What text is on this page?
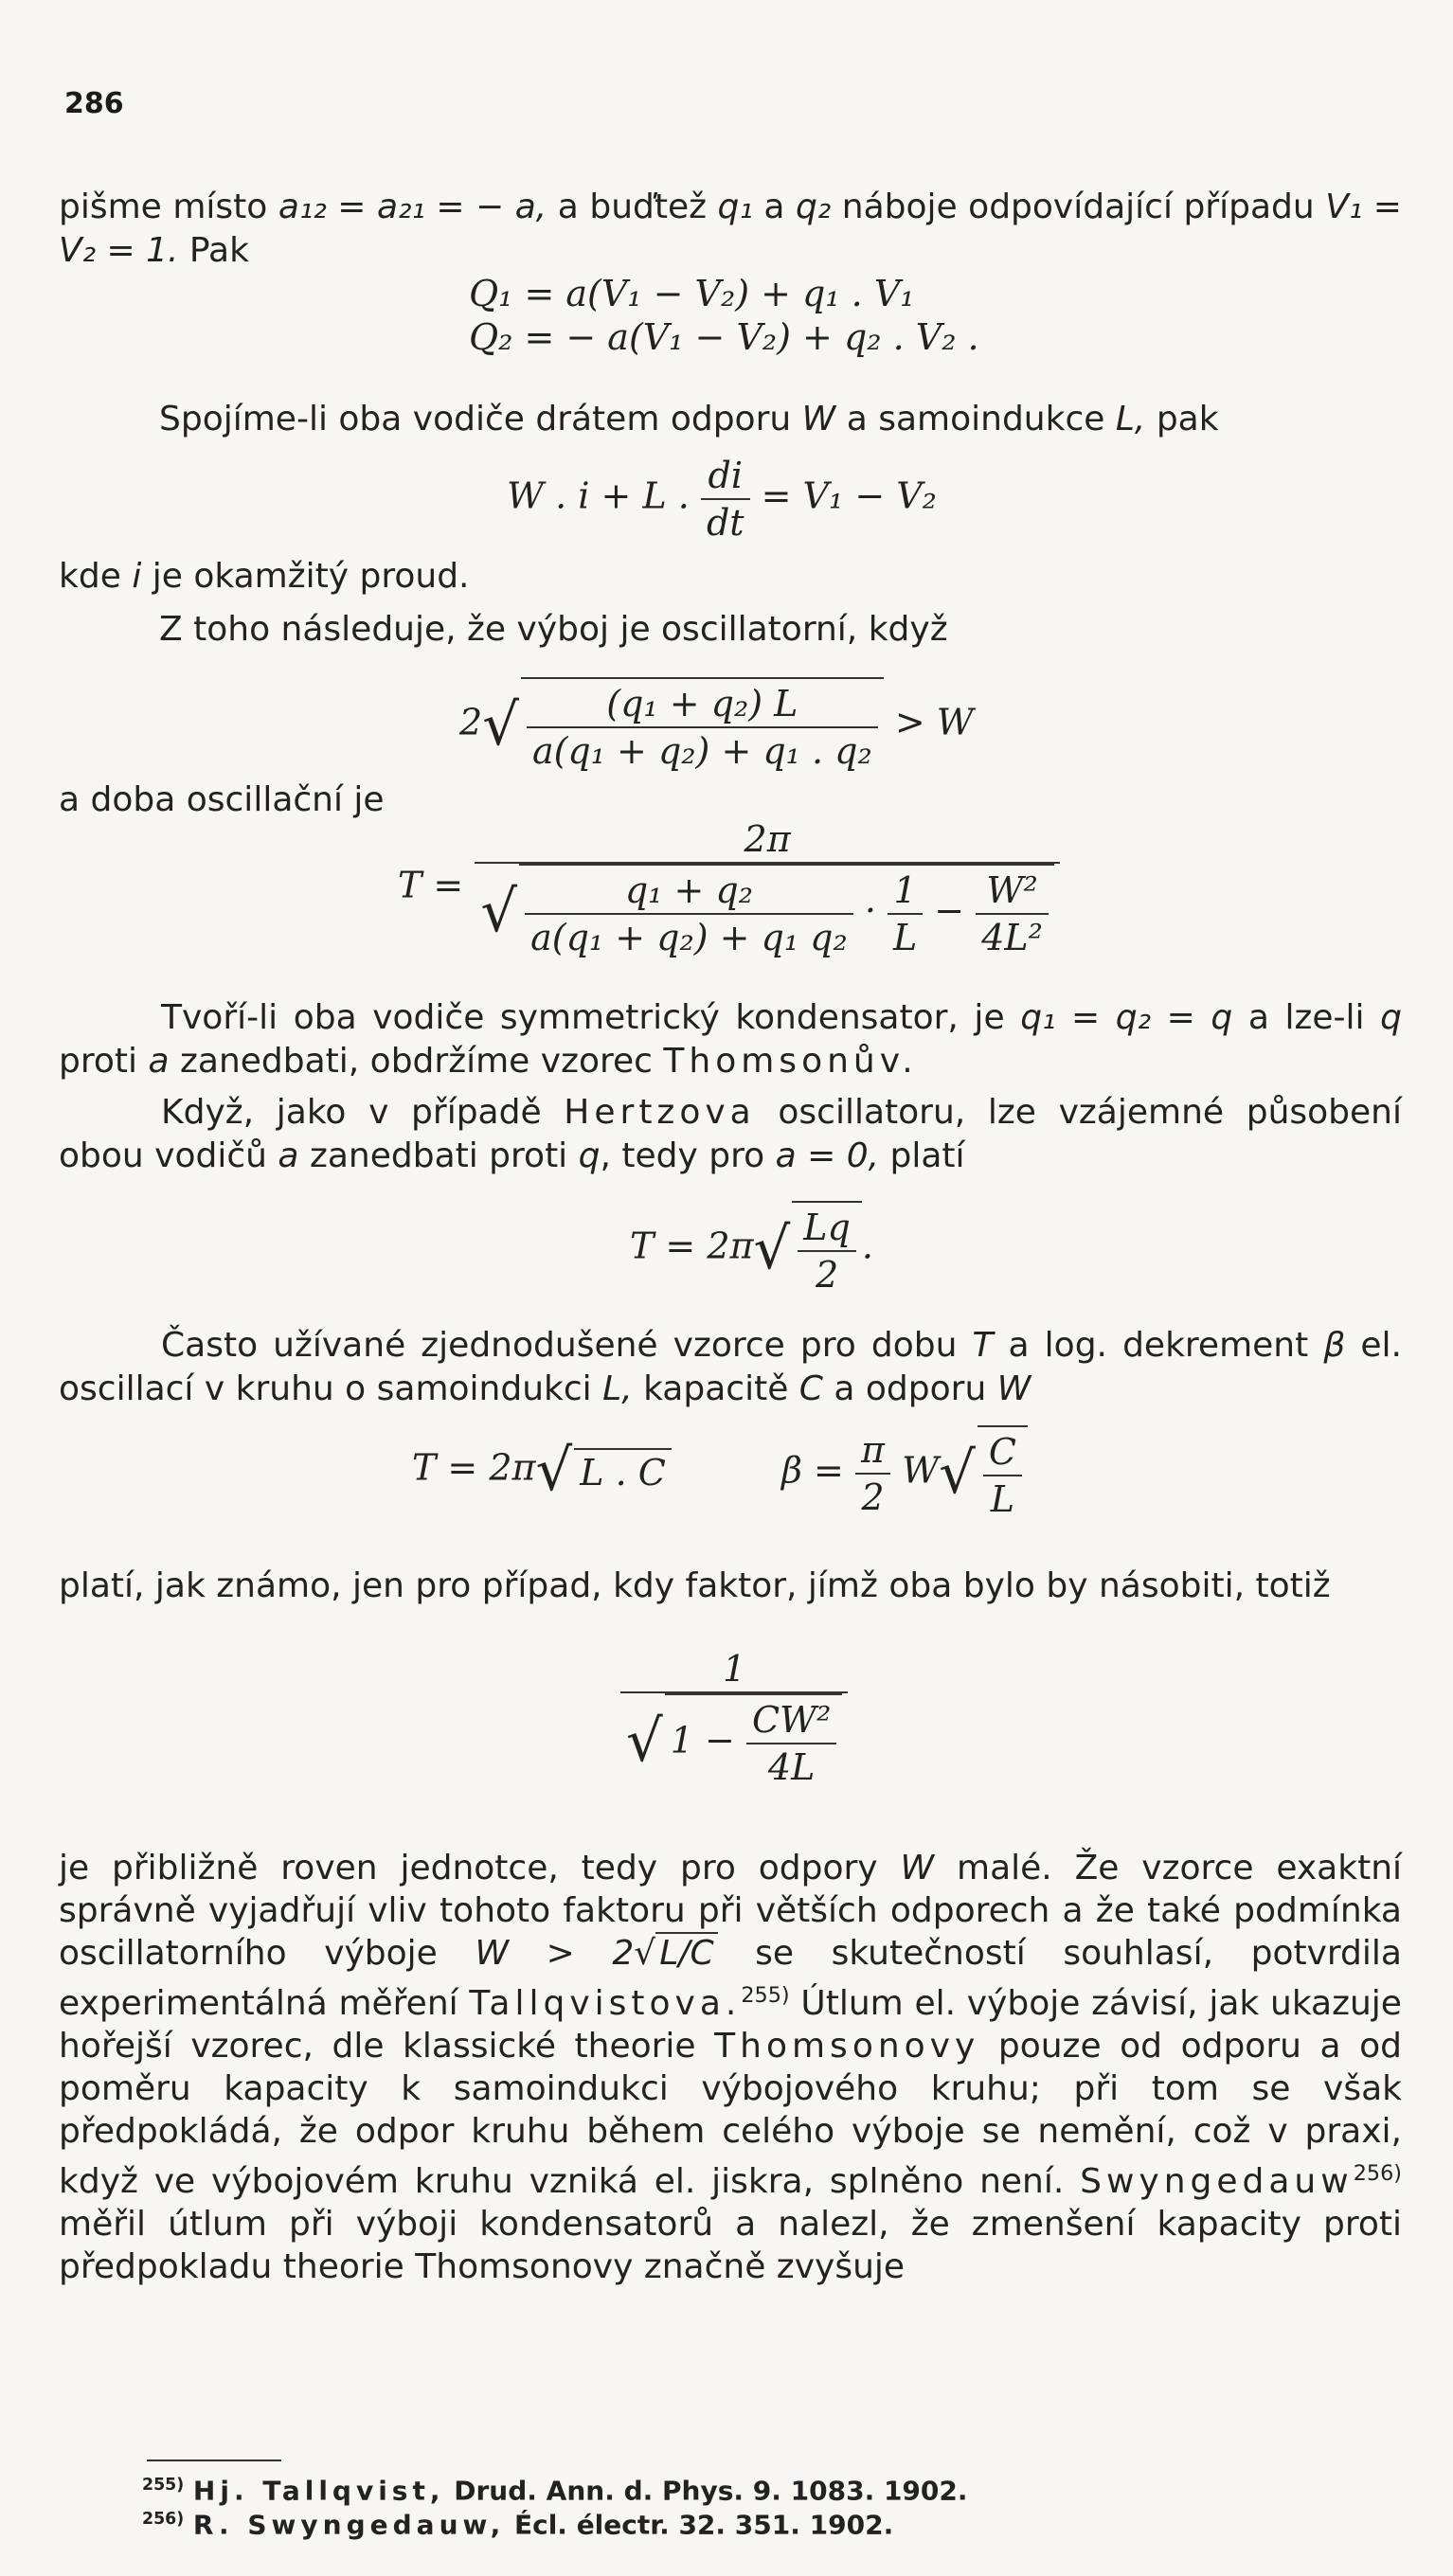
286
pišme místo a₁₂ = a₂₁ = − a, a buďtež q₁ a q₂ náboje odpovídající případu V₁ = V₂ = 1. Pak
Q₁ = a(V₁ − V₂) + q₁ . V₁
Q₂ = − a(V₁ − V₂) + q₂ . V₂ .
Spojíme-li oba vodiče drátem odporu W a samoindukce L, pak
W . i + L . $\frac{di}{dt} = V_1 - V_2$
kde i je okamžitý proud.
Z toho následuje, že výboj je oscillatorní, když
$2√ \frac{\text{(q₁ + q₂) L}}{\text{a(q₁ + q₂) + q₁ . q₂}} > W$
a doba oscillační je
T =
2π
√ $\frac{\text{q₁ + q₂}}{\text{a(q₁ + q₂) + q₁ q₂}} \cdot \frac{1}{L} - \frac{\text{W²}}{\text{4L²}}$
Tvoří-li oba vodiče symmetrický kondensator, je q₁ = q₂ = q a lze-li q proti a zanedbati, obdržíme vzorec Thomsonův.
Když, jako v případě Hertzova oscillatoru, lze vzájemné působení obou vodičů a zanedbati proti q, tedy pro a = 0, platí
$T = 2\pi√ \frac{Lq}{2}$ .
Často užívané zjednodušené vzorce pro dobu T a log. dekrement β el. oscillací v kruhu o samoindukci L, kapacitě C a odporu W
T = 2π√ L . C	$\beta = \frac{\pi}{2} W√ \frac{C}{L}$
platí, jak známo, jen pro případ, kdy faktor, jímž oba bylo by násobiti, totiž
$\frac{1}{√ 1 - \frac{\text{CW²}}{4L}}$
je přibližně roven jednotce, tedy pro odpory W malé. Že vzorce exaktní správně vyjadřují vliv tohoto faktoru při větších odporech a že také podmínka oscillatorního výboje W > 2√ L/C se skutečností souhlasí, potvrdila experimentálná měření Tallqvistova.$^{255)}$ Útlum el. výboje závisí, jak ukazuje hořejší vzorec, dle klassické theorie Thomsonovy pouze od odporu a od poměru kapacity k samoindukci výbojového kruhu; při tom se však předpokládá, že odpor kruhu během celého výboje se nemění, což v praxi, když ve výbojovém kruhu vzniká el. jiskra, splněno není. Swyngedauw$^{256)}$ měřil útlum při výboji kondensatorů a nalezl, že zmenšení kapacity proti předpokladu theorie Thomsonovy značně zvyšuje
$^{255)}$ Hj. Tallqvist, Drud. Ann. d. Phys. 9. 1083. 1902.
$^{256)}$ R. Swyngedauw, Écl. électr. 32. 351. 1902.
